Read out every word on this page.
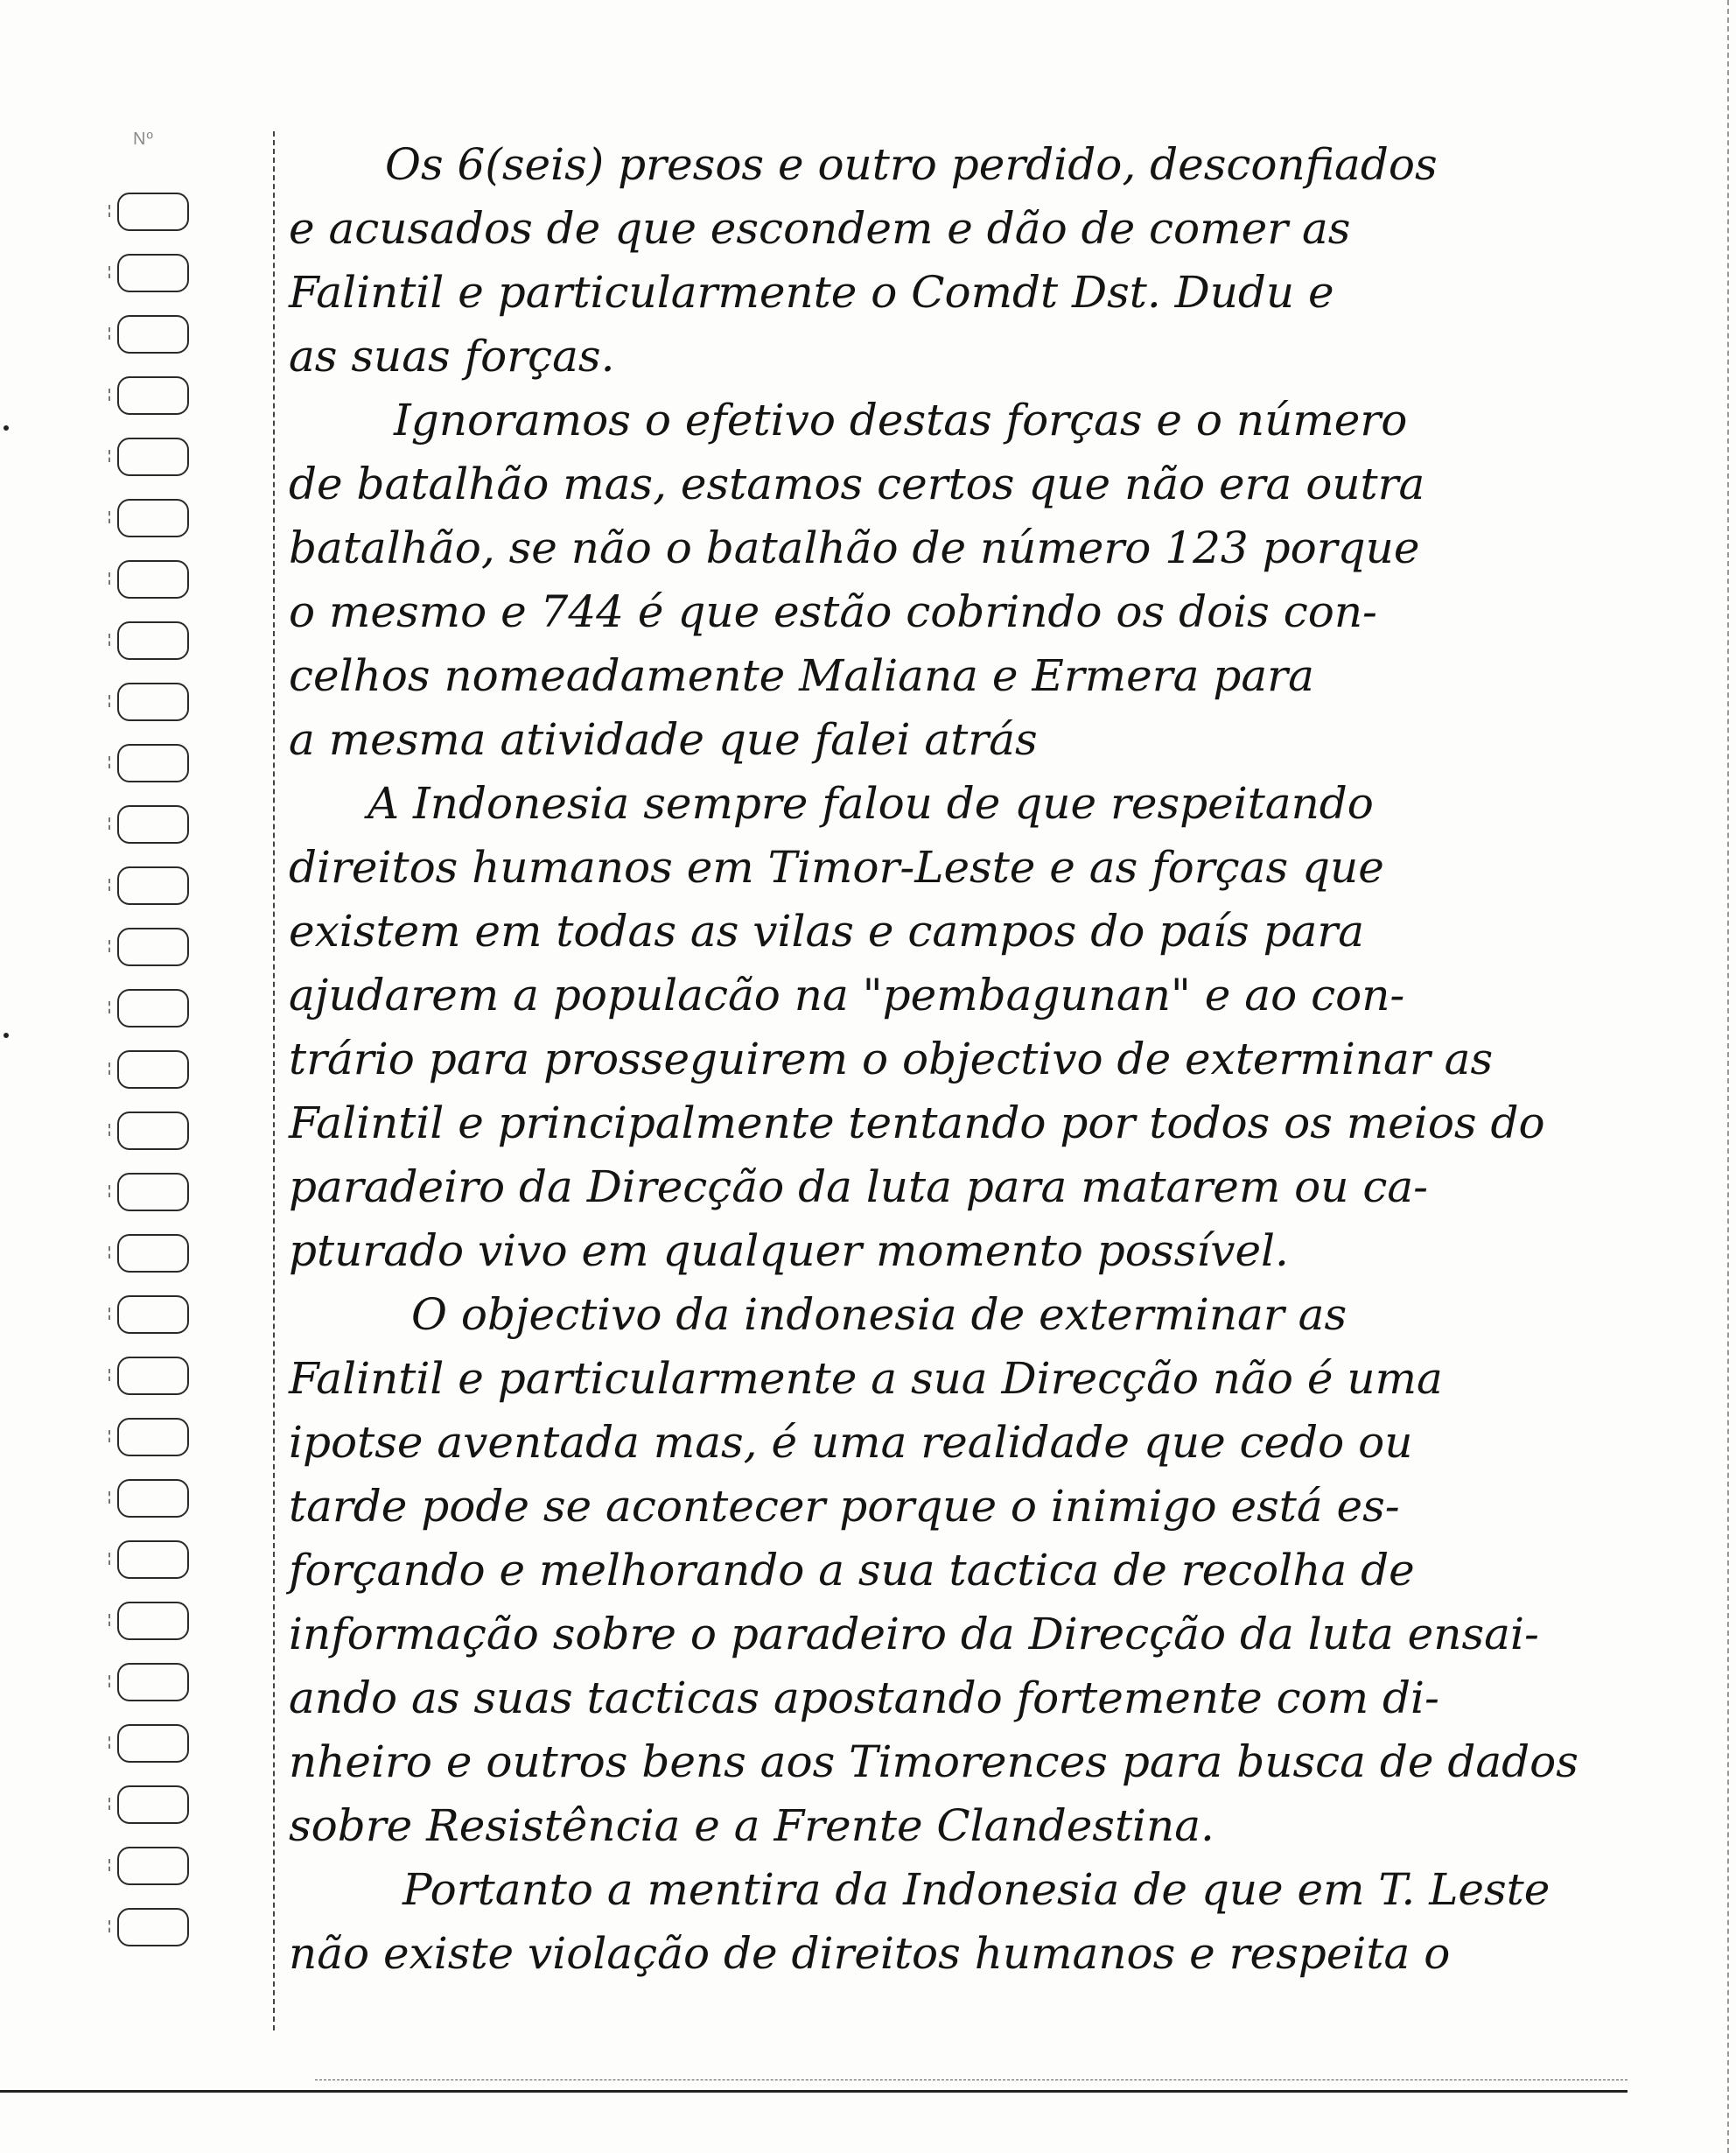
Nº	Os 6(seis) presos e outro perdido, desconfiados
e acusados de que escondem e dão de comer as
Falintil e particularmente o Comdt Dst. Dudu e
as suas forças.
Ignoramos o efetivo destas forças e o número
de batalhão mas, estamos certos que não era outra
batalhão, se não o batalhão de número 123 porque
o mesmo e 744 é que estão cobrindo os dois con-
celhos nomeadamente Maliana e Ermera para
a mesma atividade que falei atrás
A Indonesia sempre falou de que respeitando
direitos humanos em Timor-Leste e as forças que
existem em todas as vilas e campos do país para
ajudarem a populacão na "pembagunan" e ao con-
trário para prosseguirem o objectivo de exterminar as
Falintil e principalmente tentando por todos os meios do
paradeiro da Direcção da luta para matarem ou ca-
pturado vivo em qualquer momento possível.
O objectivo da indonesia de exterminar as
Falintil e particularmente a sua Direcção não é uma
ipotse aventada mas, é uma realidade que cedo ou
tarde pode se acontecer porque o inimigo está es-
forçando e melhorando a sua tactica de recolha de
informação sobre o paradeiro da Direcção da luta ensai-
ando as suas tacticas apostando fortemente com di-
nheiro e outros bens aos Timorences para busca de dados
sobre Resistência e a Frente Clandestina.
Portanto a mentira da Indonesia de que em T. Leste
não existe violação de direitos humanos e respeita o
